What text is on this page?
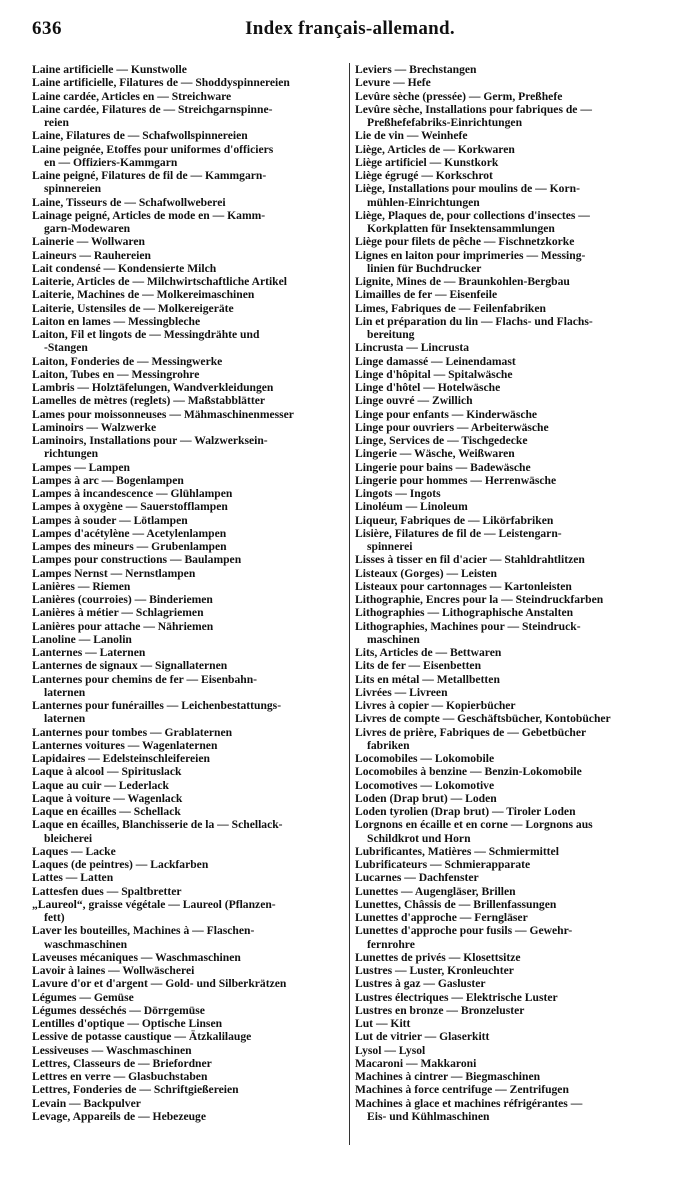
636	Index français-allemand.
Laine artificielle — Kunstwolle
Laine artificielle, Filatures de — Shoddyspinnereien
Laine cardée, Articles en — Streichware
Laine cardée, Filatures de — Streichgarnspinne-
reien
Laine, Filatures de — Schafwollspinnereien
Laine peignée, Etoffes pour uniformes d'officiers
en — Offiziers-Kammgarn
Laine peigné, Filatures de fil de — Kammgarn-
spinnereien
Laine, Tisseurs de — Schafwollweberei
Lainage peigné, Articles de mode en — Kamm-
garn-Modewaren
Lainerie — Wollwaren
Laineurs — Rauhereien
Lait condensé — Kondensierte Milch
Laiterie, Articles de — Milchwirtschaftliche Artikel
Laiterie, Machines de — Molkereimaschinen
Laiterie, Ustensiles de — Molkereigeräte
Laiton en lames — Messingbleche
Laiton, Fil et lingots de — Messingdrähte und
-Stangen
Laiton, Fonderies de — Messingwerke
Laiton, Tubes en — Messingrohre
Lambris — Holztäfelungen, Wandverkleidungen
Lamelles de mètres (reglets) — Maßstabblätter
Lames pour moissonneuses — Mähmaschinenmesser
Laminoirs — Walzwerke
Laminoirs, Installations pour — Walzwerksein-
richtungen
Lampes — Lampen
Lampes à arc — Bogenlampen
Lampes à incandescence — Glühlampen
Lampes à oxygène — Sauerstofflampen
Lampes à souder — Lötlampen
Lampes d'acétylène — Acetylenlampen
Lampes des mineurs — Grubenlampen
Lampes pour constructions — Baulampen
Lampes Nernst — Nernstlampen
Lanières — Riemen
Lanières (courroies) — Binderiemen
Lanières à métier — Schlagriemen
Lanières pour attache — Nähriemen
Lanoline — Lanolin
Lanternes — Laternen
Lanternes de signaux — Signallaternen
Lanternes pour chemins de fer — Eisenbahn-
laternen
Lanternes pour funérailles — Leichenbestattungs-
laternen
Lanternes pour tombes — Grablaternen
Lanternes voitures — Wagenlaternen
Lapidaires — Edelsteinschleifereien
Laque à alcool — Spirituslack
Laque au cuir — Lederlack
Laque à voiture — Wagenlack
Laque en écailles — Schellack
Laque en écailles, Blanchisserie de la — Schellack-
bleicherei
Laques — Lacke
Laques (de peintres) — Lackfarben
Lattes — Latten
Lattesfen dues — Spaltbretter
„Laureol“, graisse végétale — Laureol (Pflanzen-
fett)
Laver les bouteilles, Machines à — Flaschen-
waschmaschinen
Laveuses mécaniques — Waschmaschinen
Lavoir à laines — Wollwäscherei
Lavure d'or et d'argent — Gold- und Silberkrätzen
Légumes — Gemüse
Légumes desséchés — Dörrgemüse
Lentilles d'optique — Optische Linsen
Lessive de potasse caustique — Ätzkalilauge
Lessiveuses — Waschmaschinen
Lettres, Classeurs de — Briefordner
Lettres en verre — Glasbuchstaben
Lettres, Fonderies de — Schriftgießereien
Levain — Backpulver
Levage, Appareils de — Hebezeuge
Leviers — Brechstangen
Levure — Hefe
Levûre sèche (pressée) — Germ, Preßhefe
Levûre sèche, Installations pour fabriques de —
Preßhefefabriks-Einrichtungen
Lie de vin — Weinhefe
Liège, Articles de — Korkwaren
Liège artificiel — Kunstkork
Liège égrugé — Korkschrot
Liège, Installations pour moulins de — Korn-
mühlen-Einrichtungen
Liège, Plaques de, pour collections d'insectes —
Korkplatten für Insektensammlungen
Liège pour filets de pêche — Fischnetzkorke
Lignes en laiton pour imprimeries — Messing-
linien für Buchdrucker
Lignite, Mines de — Braunkohlen-Bergbau
Limailles de fer — Eisenfeile
Limes, Fabriques de — Feilenfabriken
Lin et préparation du lin — Flachs- und Flachs-
bereitung
Lincrusta — Lincrusta
Linge damassé — Leinendamast
Linge d'hôpital — Spitalwäsche
Linge d'hôtel — Hotelwäsche
Linge ouvré — Zwillich
Linge pour enfants — Kinderwäsche
Linge pour ouvriers — Arbeiterwäsche
Linge, Services de — Tischgedecke
Lingerie — Wäsche, Weißwaren
Lingerie pour bains — Badewäsche
Lingerie pour hommes — Herrenwäsche
Lingots — Ingots
Linoléum — Linoleum
Liqueur, Fabriques de — Likörfabriken
Lisière, Filatures de fil de — Leistengarn-
spinnerei
Lisses à tisser en fil d'acier — Stahldrahtlitzen
Listeaux (Gorges) — Leisten
Listeaux pour cartonnages — Kartonleisten
Lithographie, Encres pour la — Steindruckfarben
Lithographies — Lithographische Anstalten
Lithographies, Machines pour — Steindruck-
maschinen
Lits, Articles de — Bettwaren
Lits de fer — Eisenbetten
Lits en métal — Metallbetten
Livrées — Livreen
Livres à copier — Kopierbücher
Livres de compte — Geschäftsbücher, Kontobücher
Livres de prière, Fabriques de — Gebetbücher
fabriken
Locomobiles — Lokomobile
Locomobiles à benzine — Benzin-Lokomobile
Locomotives — Lokomotive
Loden (Drap brut) — Loden
Loden tyrolien (Drap brut) — Tiroler Loden
Lorgnons en écaille et en corne — Lorgnons aus
Schildkrot und Horn
Lubrificantes, Matières — Schmiermittel
Lubrificateurs — Schmierapparate
Lucarnes — Dachfenster
Lunettes — Augengläser, Brillen
Lunettes, Châssis de — Brillenfassungen
Lunettes d'approche — Ferngläser
Lunettes d'approche pour fusils — Gewehr-
fernrohre
Lunettes de privés — Klosettsitze
Lustres — Luster, Kronleuchter
Lustres à gaz — Gasluster
Lustres électriques — Elektrische Luster
Lustres en bronze — Bronzeluster
Lut — Kitt
Lut de vitrier — Glaserkitt
Lysol — Lysol
Macaroni — Makkaroni
Machines à cintrer — Biegmaschinen
Machines à force centrifuge — Zentrifugen
Machines à glace et machines réfrigérantes —
Eis- und Kühlmaschinen
